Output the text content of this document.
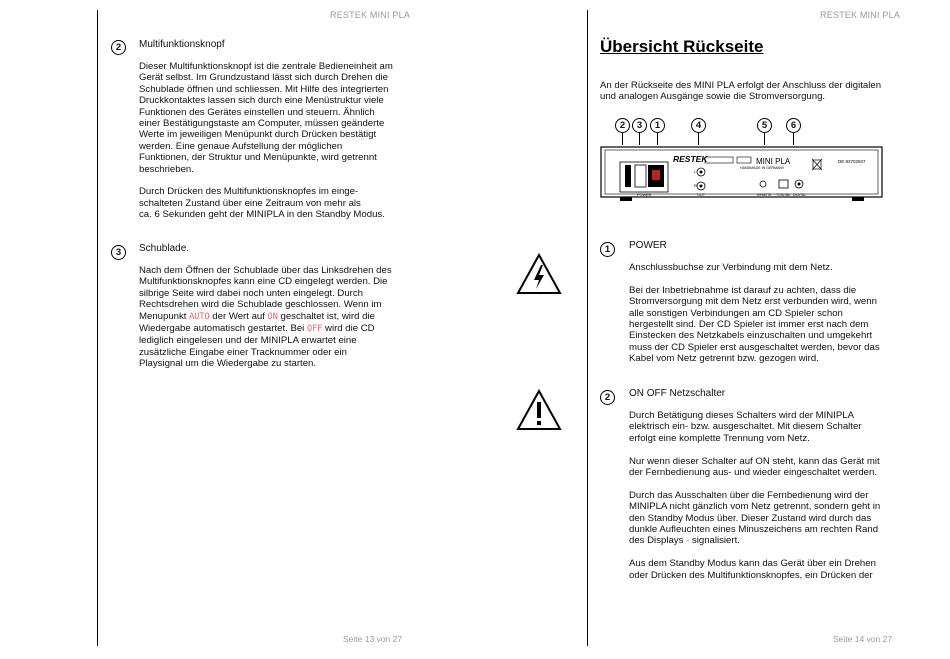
RESTEK MINI PLA
2	Multifunktionsknopf

Dieser Multifunktionsknopf ist die zentrale Bedieneinheit am
Gerät selbst. Im Grundzustand lässt sich durch Drehen die
Schublade öffnen und schliessen. Mit Hilfe des integrierten
Druckkontaktes lassen sich durch eine Menüstruktur viele
Funktionen des Gerätes einstellen und steuern. Ähnlich
einer Bestätigungstaste am Computer, müssen geänderte
Werte im jeweiligen Menüpunkt durch Drücken bestätigt
werden. Eine genaue Aufstellung der möglichen
Funktionen, der Struktur und Menüpunkte, wird getrennt
beschrieben.

Durch Drücken des Multifunktionsknopfes im einge-
schalteten Zustand über eine Zeitraum von mehr als
ca. 6 Sekunden geht der MINIPLA in den Standby Modus.

3	Schublade.
Nach dem Öffnen der Schublade über das Linksdrehen des
Multifunktionsknopfes kann eine CD eingelegt werden. Die
silbrige Seite wird dabei noch unten eingelegt. Durch
Rechtsdrehen wird die Schublade geschlossen. Wenn im
Menupunkt AUTO der Wert auf ON geschaltet ist, wird die
Wiedergabe automatisch gestartet. Bei OFF wird die CD
lediglich eingelesen und der MINIPLA erwartet eine
zusätzliche Eingabe einer Tracknummer oder ein
Playsignal um die Wiedergabe zu starten.
Seite 13 von 27
RESTEK MINI PLA
Übersicht Rückseite

An der Rückseite des MINI PLA erfolgt der Anschluss der digitalen
und analogen Ausgänge sowie die Stromversorgung.

2	3	1	4	5	6
RESTEK	MINI PLA
HANDMADE IN GERMANY
DE 83702507
POWER
L
R
OUT	REMOTE TOSLINK DIGITAL
1	POWER

Anschlussbuchse zur Verbindung mit dem Netz.

Bei der Inbetriebnahme ist darauf zu achten, dass die
Stromversorgung mit dem Netz erst verbunden wird, wenn
alle sonstigen Verbindungen am CD Spieler schon
hergestellt sind. Der CD Spieler ist immer erst nach dem
Einstecken des Netzkabels einzuschalten und umgekehrt
muss der CD Spieler erst ausgeschaltet werden, bevor das
Kabel vom Netz getrennt bzw. gezogen wird.

2	ON OFF Netzschalter

Durch Betätigung dieses Schalters wird der MINIPLA
elektrisch ein- bzw. ausgeschaltet. Mit diesem Schalter
erfolgt eine komplette Trennung vom Netz.

Nur wenn dieser Schalter auf ON steht, kann das Gerät mit
der Fernbedienung aus- und wieder eingeschaltet werden.

Durch das Ausschalten über die Fernbedienung wird der
MINIPLA nicht gänzlich vom Netz getrennt, sondern geht in
den Standby Modus über. Dieser Zustand wird durch das
dunkle Aufleuchten eines Minuszeichens am rechten Rand
des Displays - signalisiert.

Aus dem Standby Modus kann das Gerät über ein Drehen
oder Drücken des Multifunktionsknopfes, ein Drücken der

Seite 14 von 27
